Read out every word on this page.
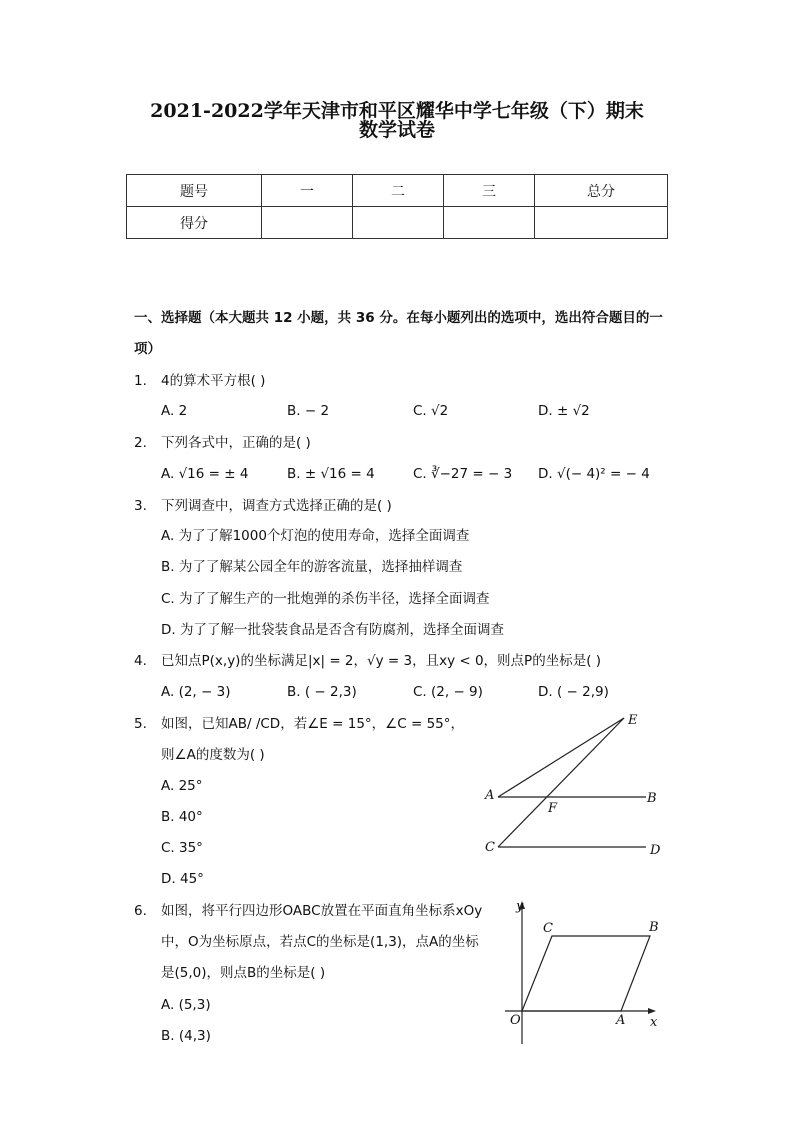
2021-2022学年天津市和平区耀华中学七年级（下）期末
数学试卷
题号	一	二	三	总分
得分				
一、选择题（本大题共 12 小题，共 36 分。在每小题列出的选项中，选出符合题目的一
项）
1. 4的算术平方根( )
A. 2	B. − 2	C. √2	D. ± √2
2. 下列各式中，正确的是( )
A. √16 = ± 4	B. ± √16 = 4	C. ∛−27 = − 3 D. √(− 4)² = − 4
3. 下列调查中，调查方式选择正确的是( )
A. 为了了解1000个灯泡的使用寿命，选择全面调查
B. 为了了解某公园全年的游客流量，选择抽样调查
C. 为了了解生产的一批炮弹的杀伤半径，选择全面调查
D. 为了了解一批袋装食品是否含有防腐剂，选择全面调查
4. 已知点P(x,y)的坐标满足|x| = 2，√y = 3，且xy < 0，则点P的坐标是( )
A. (2, − 3)	B. ( − 2,3)	C. (2, − 9)	D. ( − 2,9)
5. 如图，已知AB/ /CD，若∠E = 15°，∠C = 55°，
则∠A的度数为( )
A. 25°
B. 40°
C. 35°
D. 45°
E
A
F
B
C	D
6. 如图，将平行四边形OABC放置在平面直角坐标系xOy
中，O为坐标原点，若点C的坐标是(1,3)，点A的坐标
是(5,0)，则点B的坐标是( )
A. (5,3)
B. (4,3)
y
C	B
O	A x
